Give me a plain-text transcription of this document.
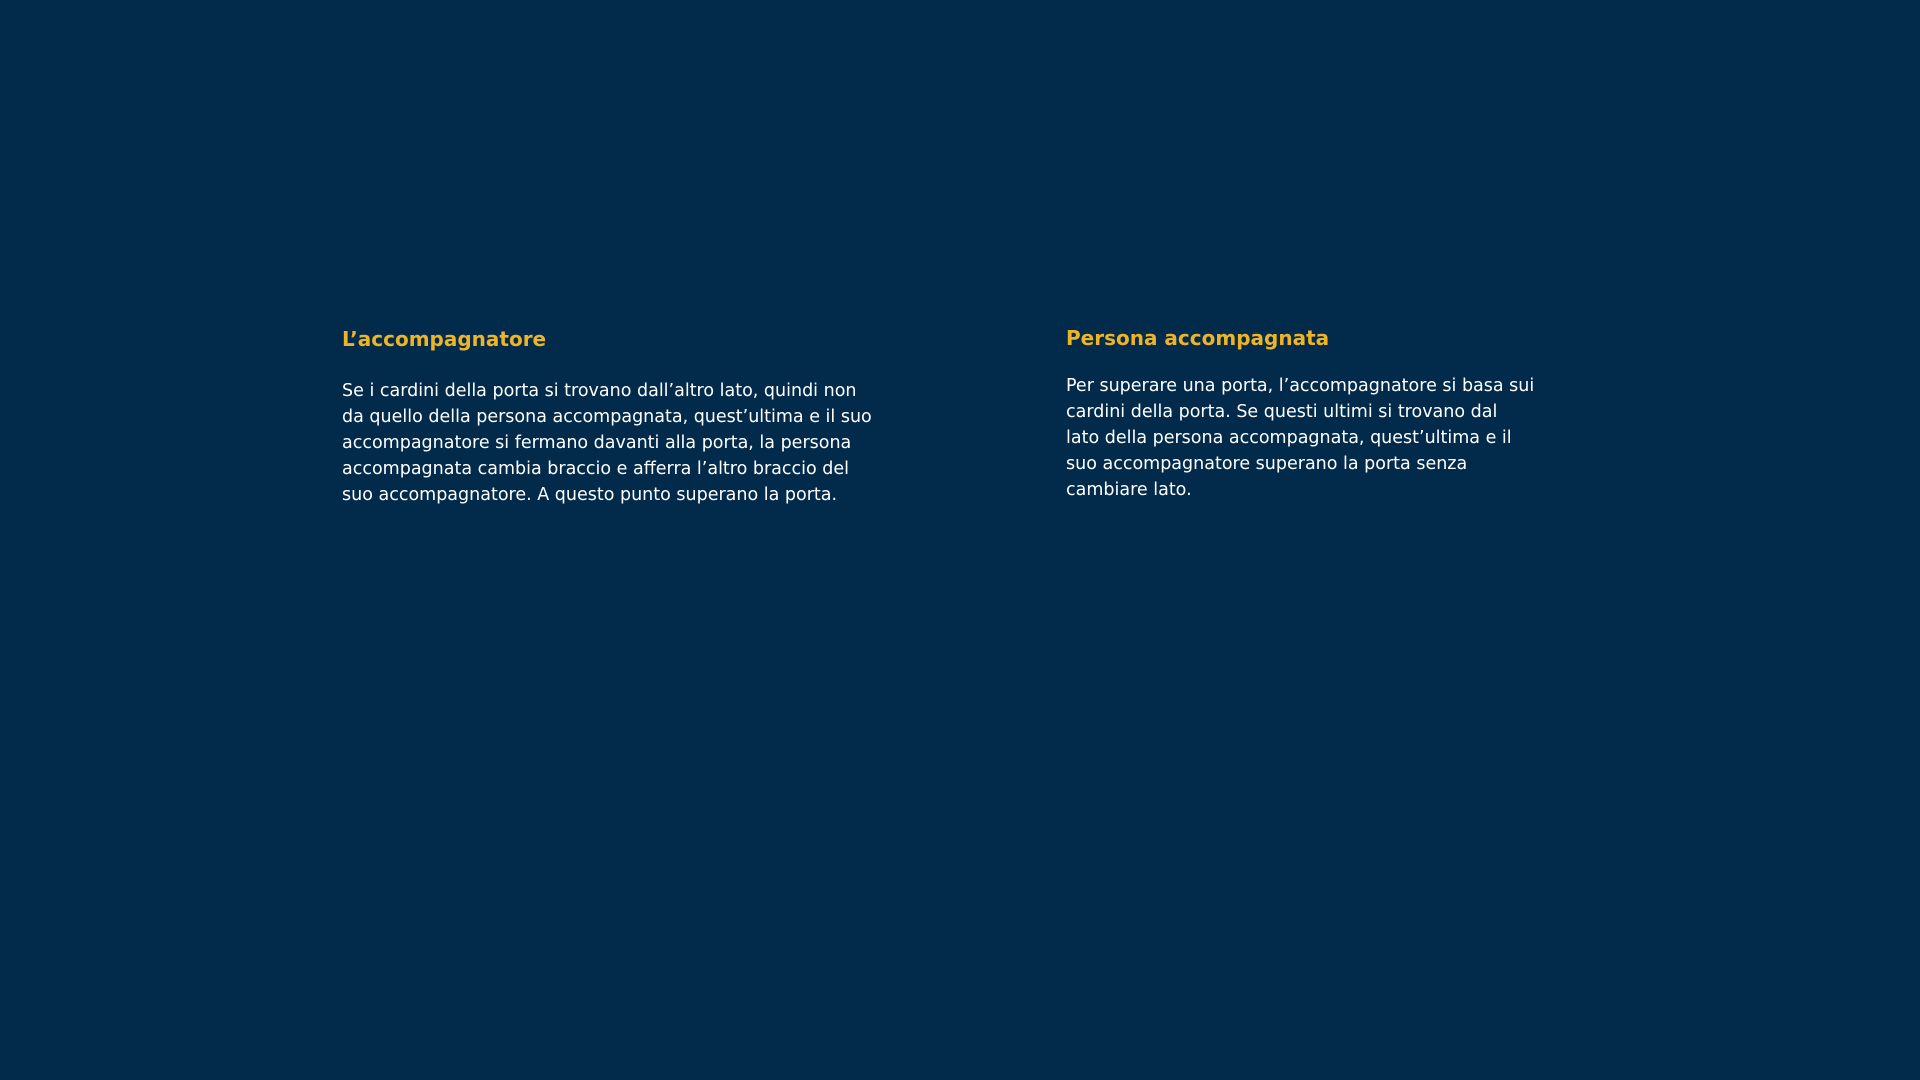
L’accompagnatore

Se i cardini della porta si trovano dall’altro lato, quindi non
da quello della persona accompagnata, quest’ultima e il suo
accompagnatore si fermano davanti alla porta, la persona
accompagnata cambia braccio e afferra l’altro braccio del
suo accompagnatore. A questo punto superano la porta.

Persona accompagnata

Per superare una porta, l’accompagnatore si basa sui
cardini della porta. Se questi ultimi si trovano dal
lato della persona accompagnata, quest’ultima e il
suo accompagnatore superano la porta senza
cambiare lato.
